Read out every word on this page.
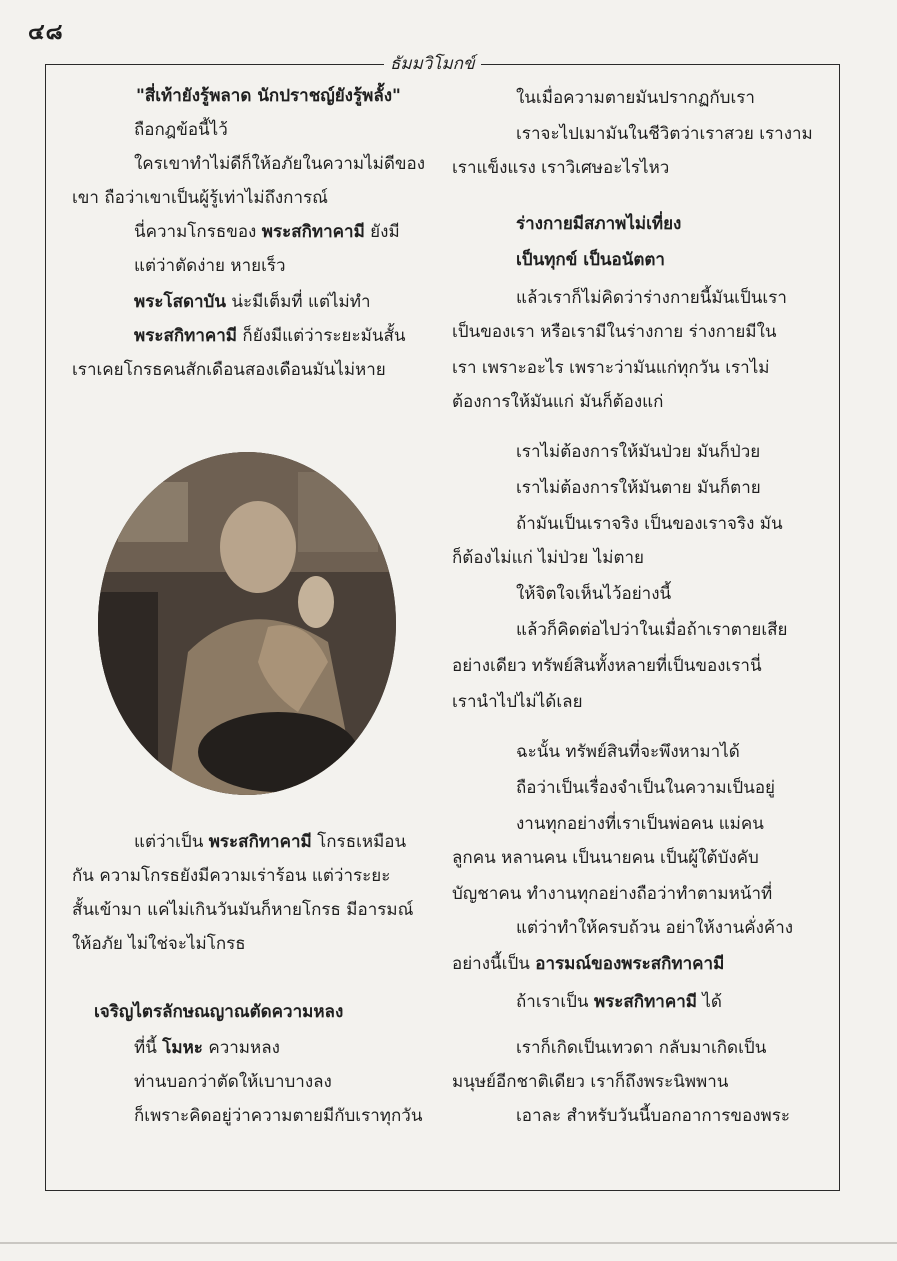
๔๘
ธัมมวิโมกข์
"สี่เท้ายังรู้พลาด นักปราชญ์ยังรู้พลั้ง"
ถือกฎข้อนี้ไว้
ใครเขาทำไม่ดีก็ให้อภัยในความไม่ดีของ
เขา ถือว่าเขาเป็นผู้รู้เท่าไม่ถึงการณ์
นี่ความโกรธของ พระสกิทาคามี ยังมี
แต่ว่าตัดง่าย หายเร็ว
พระโสดาบัน น่ะมีเต็มที่ แต่ไม่ทำ
พระสกิทาคามี ก็ยังมีแต่ว่าระยะมันสั้น
เราเคยโกรธคนสักเดือนสองเดือนมันไม่หาย
แต่ว่าเป็น พระสกิทาคามี โกรธเหมือน
กัน ความโกรธยังมีความเร่าร้อน แต่ว่าระยะ
สั้นเข้ามา แค่ไม่เกินวันมันก็หายโกรธ มีอารมณ์
ให้อภัย ไม่ใช่จะไม่โกรธ
เจริญไตรลักษณญาณตัดความหลง
ที่นี้ โมหะ ความหลง
ท่านบอกว่าตัดให้เบาบางลง
ก็เพราะคิดอยู่ว่าความตายมีกับเราทุกวัน
ในเมื่อความตายมันปรากฏกับเรา
เราจะไปเมามันในชีวิตว่าเราสวย เรางาม
เราแข็งแรง เราวิเศษอะไรไหว
ร่างกายมีสภาพไม่เที่ยง
เป็นทุกข์ เป็นอนัตตา
แล้วเราก็ไม่คิดว่าร่างกายนี้มันเป็นเรา
เป็นของเรา หรือเรามีในร่างกาย ร่างกายมีใน
เรา เพราะอะไร เพราะว่ามันแก่ทุกวัน เราไม่
ต้องการให้มันแก่ มันก็ต้องแก่
เราไม่ต้องการให้มันป่วย มันก็ป่วย
เราไม่ต้องการให้มันตาย มันก็ตาย
ถ้ามันเป็นเราจริง เป็นของเราจริง มัน
ก็ต้องไม่แก่ ไม่ป่วย ไม่ตาย
ให้จิตใจเห็นไว้อย่างนี้
แล้วก็คิดต่อไปว่าในเมื่อถ้าเราตายเสีย
อย่างเดียว ทรัพย์สินทั้งหลายที่เป็นของเรานี่
เรานำไปไม่ได้เลย
ฉะนั้น ทรัพย์สินที่จะพึงหามาได้
ถือว่าเป็นเรื่องจำเป็นในความเป็นอยู่
งานทุกอย่างที่เราเป็นพ่อคน แม่คน
ลูกคน หลานคน เป็นนายคน เป็นผู้ใต้บังคับ
บัญชาคน ทำงานทุกอย่างถือว่าทำตามหน้าที่
แต่ว่าทำให้ครบถ้วน อย่าให้งานคั่งค้าง
อย่างนี้เป็น อารมณ์ของพระสกิทาคามี
ถ้าเราเป็น พระสกิทาคามี ได้
เราก็เกิดเป็นเทวดา กลับมาเกิดเป็น
มนุษย์อีกชาติเดียว เราก็ถึงพระนิพพาน
เอาละ สำหรับวันนี้บอกอาการของพระ
